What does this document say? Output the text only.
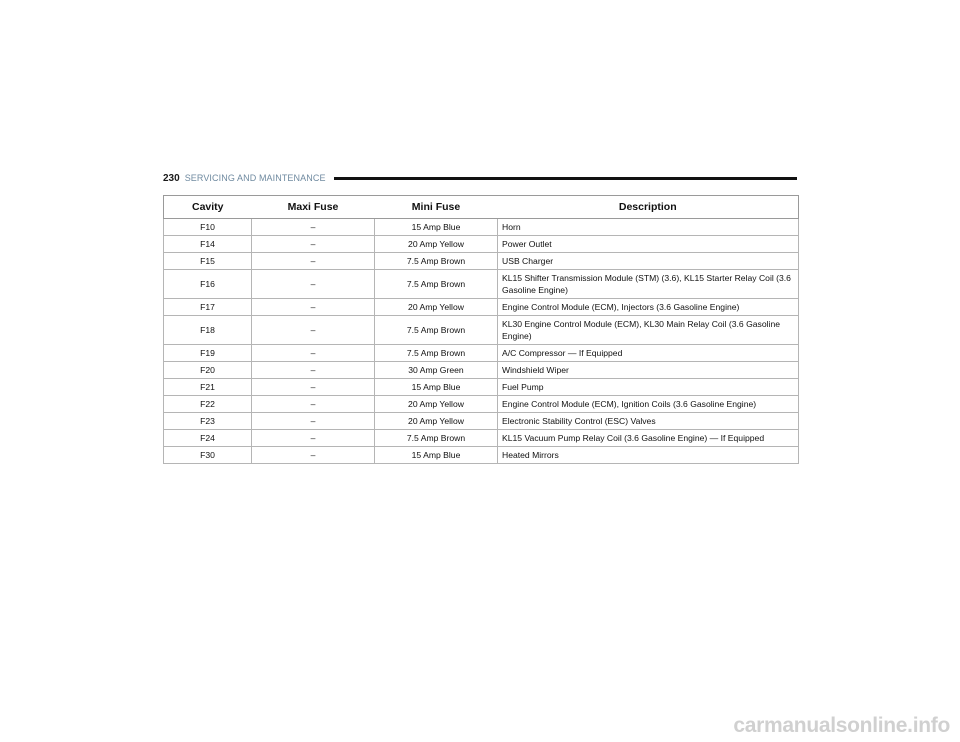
230 SERVICING AND MAINTENANCE
Cavity	Maxi Fuse	Mini Fuse	Description
F10	–	15 Amp Blue	Horn
F14	–	20 Amp Yellow	Power Outlet
F15	–	7.5 Amp Brown	USB Charger
F16	–	7.5 Amp Brown	KL15 Shifter Transmission Module (STM) (3.6), KL15 Starter Relay Coil (3.6 Gasoline Engine)
F17	–	20 Amp Yellow	Engine Control Module (ECM), Injectors (3.6 Gasoline Engine)
F18	–	7.5 Amp Brown	KL30 Engine Control Module (ECM), KL30 Main Relay Coil (3.6 Gasoline Engine)
F19	–	7.5 Amp Brown	A/C Compressor — If Equipped
F20	–	30 Amp Green	Windshield Wiper
F21	–	15 Amp Blue	Fuel Pump
F22	–	20 Amp Yellow	Engine Control Module (ECM), Ignition Coils (3.6 Gasoline Engine)
F23	–	20 Amp Yellow	Electronic Stability Control (ESC) Valves
F24	–	7.5 Amp Brown	KL15 Vacuum Pump Relay Coil (3.6 Gasoline Engine) — If Equipped
F30	–	15 Amp Blue	Heated Mirrors
carmanualsonline.info
